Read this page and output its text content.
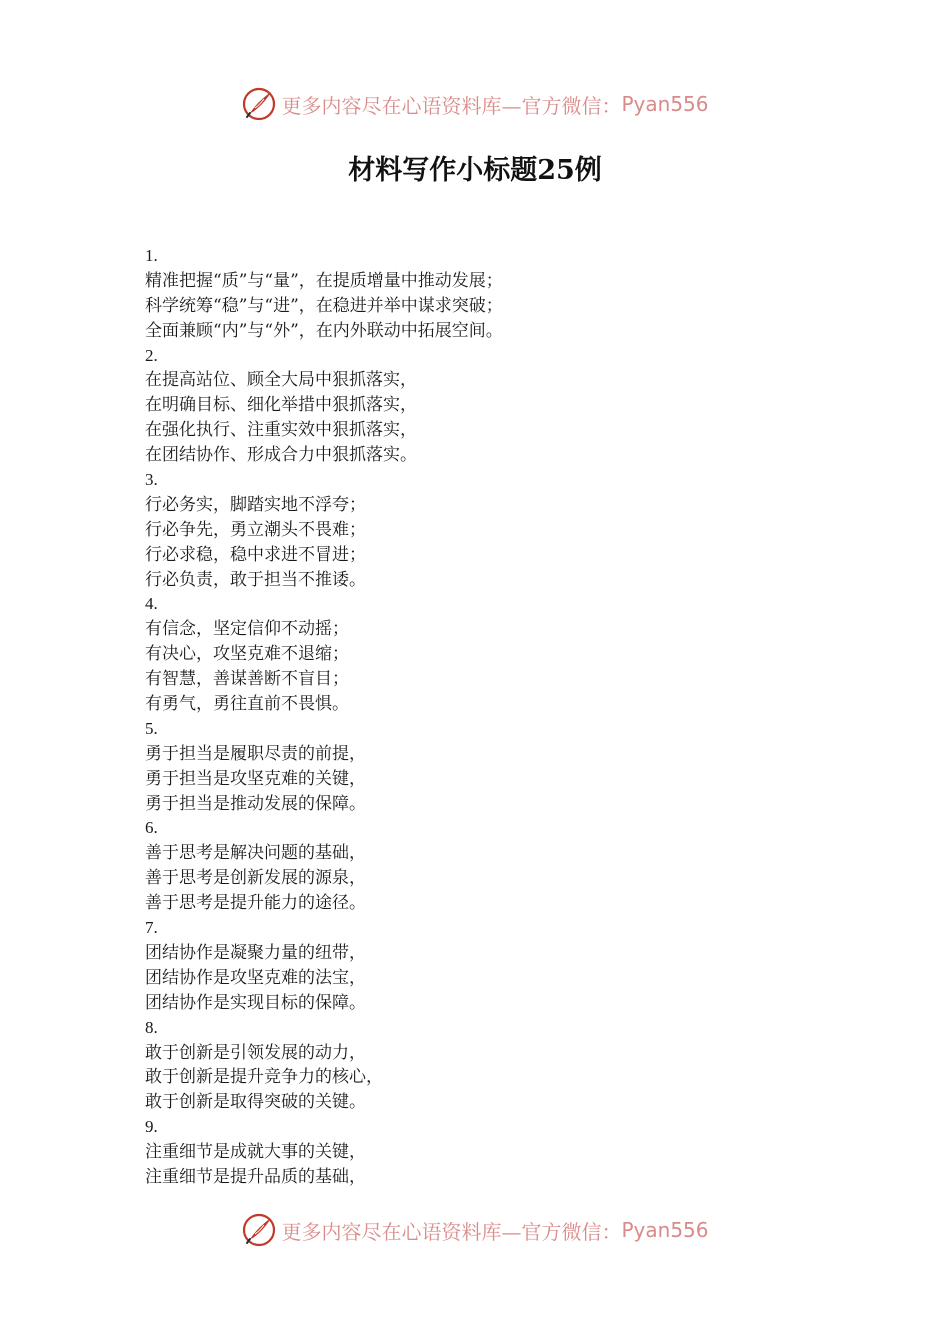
更多内容尽在心语资料库—官方微信： Pyan556
材料写作小标题25例
1.
精准把握“质”与“量”，在提质增量中推动发展；
科学统筹“稳”与“进”，在稳进并举中谋求突破；
全面兼顾“内”与“外”，在内外联动中拓展空间。
2.
在提高站位、顾全大局中狠抓落实，
在明确目标、细化举措中狠抓落实，
在强化执行、注重实效中狠抓落实，
在团结协作、形成合力中狠抓落实。
3.
行必务实，脚踏实地不浮夸；
行必争先，勇立潮头不畏难；
行必求稳，稳中求进不冒进；
行必负责，敢于担当不推诿。
4.
有信念，坚定信仰不动摇；
有决心，攻坚克难不退缩；
有智慧，善谋善断不盲目；
有勇气，勇往直前不畏惧。
5.
勇于担当是履职尽责的前提，
勇于担当是攻坚克难的关键，
勇于担当是推动发展的保障。
6.
善于思考是解决问题的基础，
善于思考是创新发展的源泉，
善于思考是提升能力的途径。
7.
团结协作是凝聚力量的纽带，
团结协作是攻坚克难的法宝，
团结协作是实现目标的保障。
8.
敢于创新是引领发展的动力，
敢于创新是提升竞争力的核心，
敢于创新是取得突破的关键。
9.
注重细节是成就大事的关键，
注重细节是提升品质的基础，
更多内容尽在心语资料库—官方微信： Pyan556
